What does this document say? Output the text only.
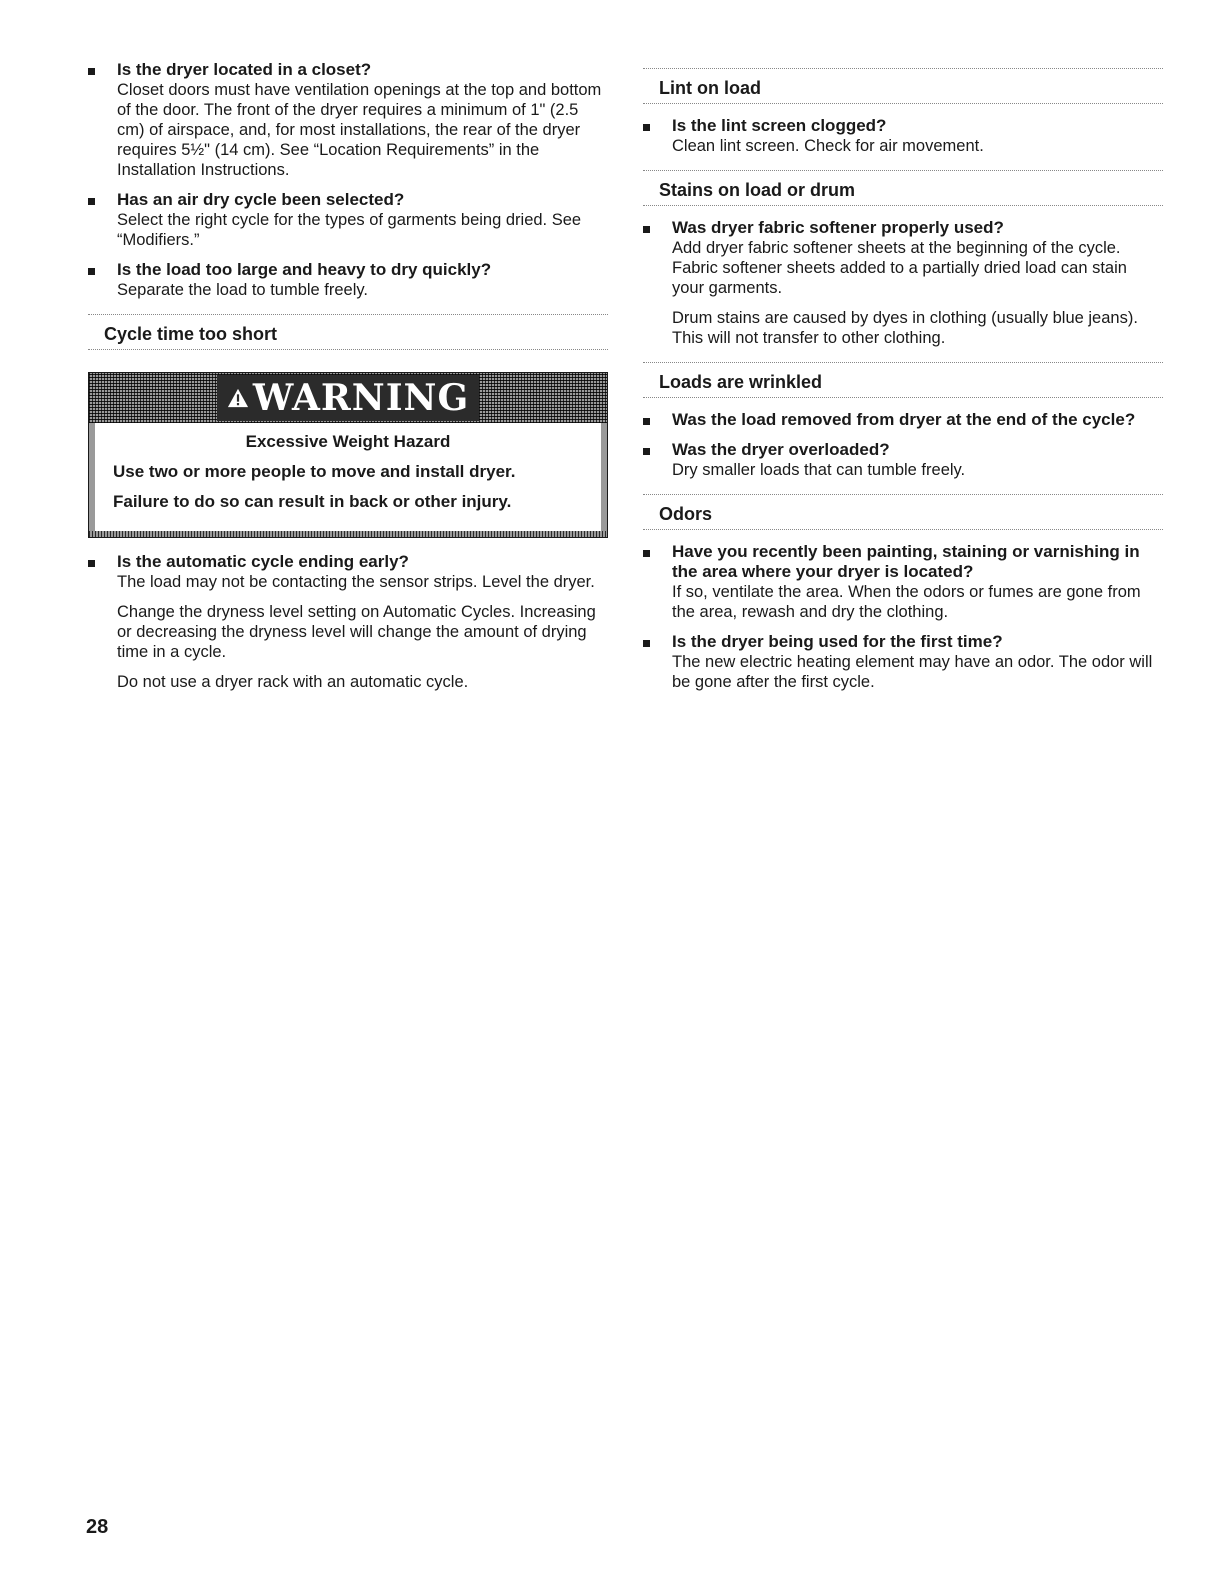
Is the dryer located in a closet?
Closet doors must have ventilation openings at the top and bottom of the door. The front of the dryer requires a minimum of 1" (2.5 cm) of airspace, and, for most installations, the rear of the dryer requires 5½" (14 cm). See “Location Requirements” in the Installation Instructions.
Has an air dry cycle been selected?
Select the right cycle for the types of garments being dried. See “Modifiers.”
Is the load too large and heavy to dry quickly?
Separate the load to tumble freely.
Cycle time too short
WARNING
Excessive Weight Hazard
Use two or more people to move and install dryer.
Failure to do so can result in back or other injury.
Is the automatic cycle ending early?
The load may not be contacting the sensor strips. Level the dryer.
Change the dryness level setting on Automatic Cycles. Increasing or decreasing the dryness level will change the amount of drying time in a cycle.
Do not use a dryer rack with an automatic cycle.
Lint on load
Is the lint screen clogged?
Clean lint screen. Check for air movement.
Stains on load or drum
Was dryer fabric softener properly used?
Add dryer fabric softener sheets at the beginning of the cycle. Fabric softener sheets added to a partially dried load can stain your garments.
Drum stains are caused by dyes in clothing (usually blue jeans). This will not transfer to other clothing.
Loads are wrinkled
Was the load removed from dryer at the end of the cycle?
Was the dryer overloaded?
Dry smaller loads that can tumble freely.
Odors
Have you recently been painting, staining or varnishing in the area where your dryer is located?
If so, ventilate the area. When the odors or fumes are gone from the area, rewash and dry the clothing.
Is the dryer being used for the first time?
The new electric heating element may have an odor. The odor will be gone after the first cycle.
28
